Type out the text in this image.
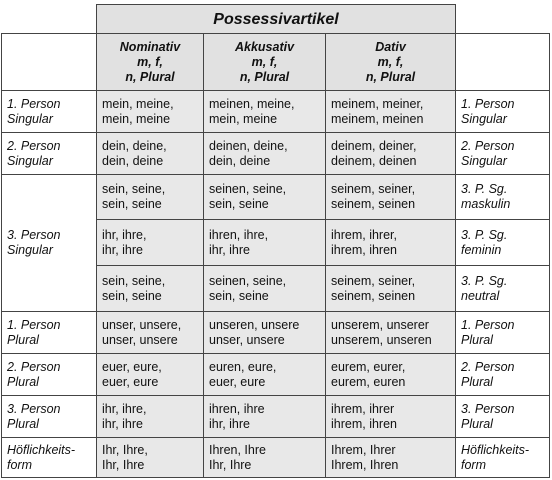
	Possessivartikel			

	Nominativ
m, f,
n, Plural	Akkusativ
m, f,
n, Plural	Dativ
m, f,
n, Plural	

1. Person
Singular	mein, meine,
mein, meine	meinen, meine,
mein, meine	meinem, meiner,
meinem, meinen	1. Person
Singular

2. Person
Singular	dein, deine,
dein, deine	deinen, deine,
dein, deine	deinem, deiner,
deinem, deinen	2. Person
Singular

3. Person
Singular	sein, seine,
sein, seine	seinen, seine,
sein, seine	seinem, seiner,
seinem, seinen	3. P. Sg.
maskulin

	ihr, ihre,
ihr, ihre	ihren, ihre,
ihr, ihre	ihrem, ihrer,
ihrem, ihren	3. P. Sg.
feminin

	sein, seine,
sein, seine	seinen, seine,
sein, seine	seinem, seiner,
seinem, seinen	3. P. Sg.
neutral

1. Person
Plural	unser, unsere,
unser, unsere	unseren, unsere
unser, unsere	unserem, unserer
unserem, unseren	1. Person
Plural

2. Person
Plural	euer, eure,
euer, eure	euren, eure,
euer, eure	eurem, eurer,
eurem, euren	2. Person
Plural

3. Person
Plural	ihr, ihre,
ihr, ihre	ihren, ihre
ihr, ihre	ihrem, ihrer
ihrem, ihren	3. Person
Plural

Höflichkeits-
form	Ihr, Ihre,
Ihr, Ihre	Ihren, Ihre
Ihr, Ihre	Ihrem, Ihrer
Ihrem, Ihren	Höflichkeits-
form
